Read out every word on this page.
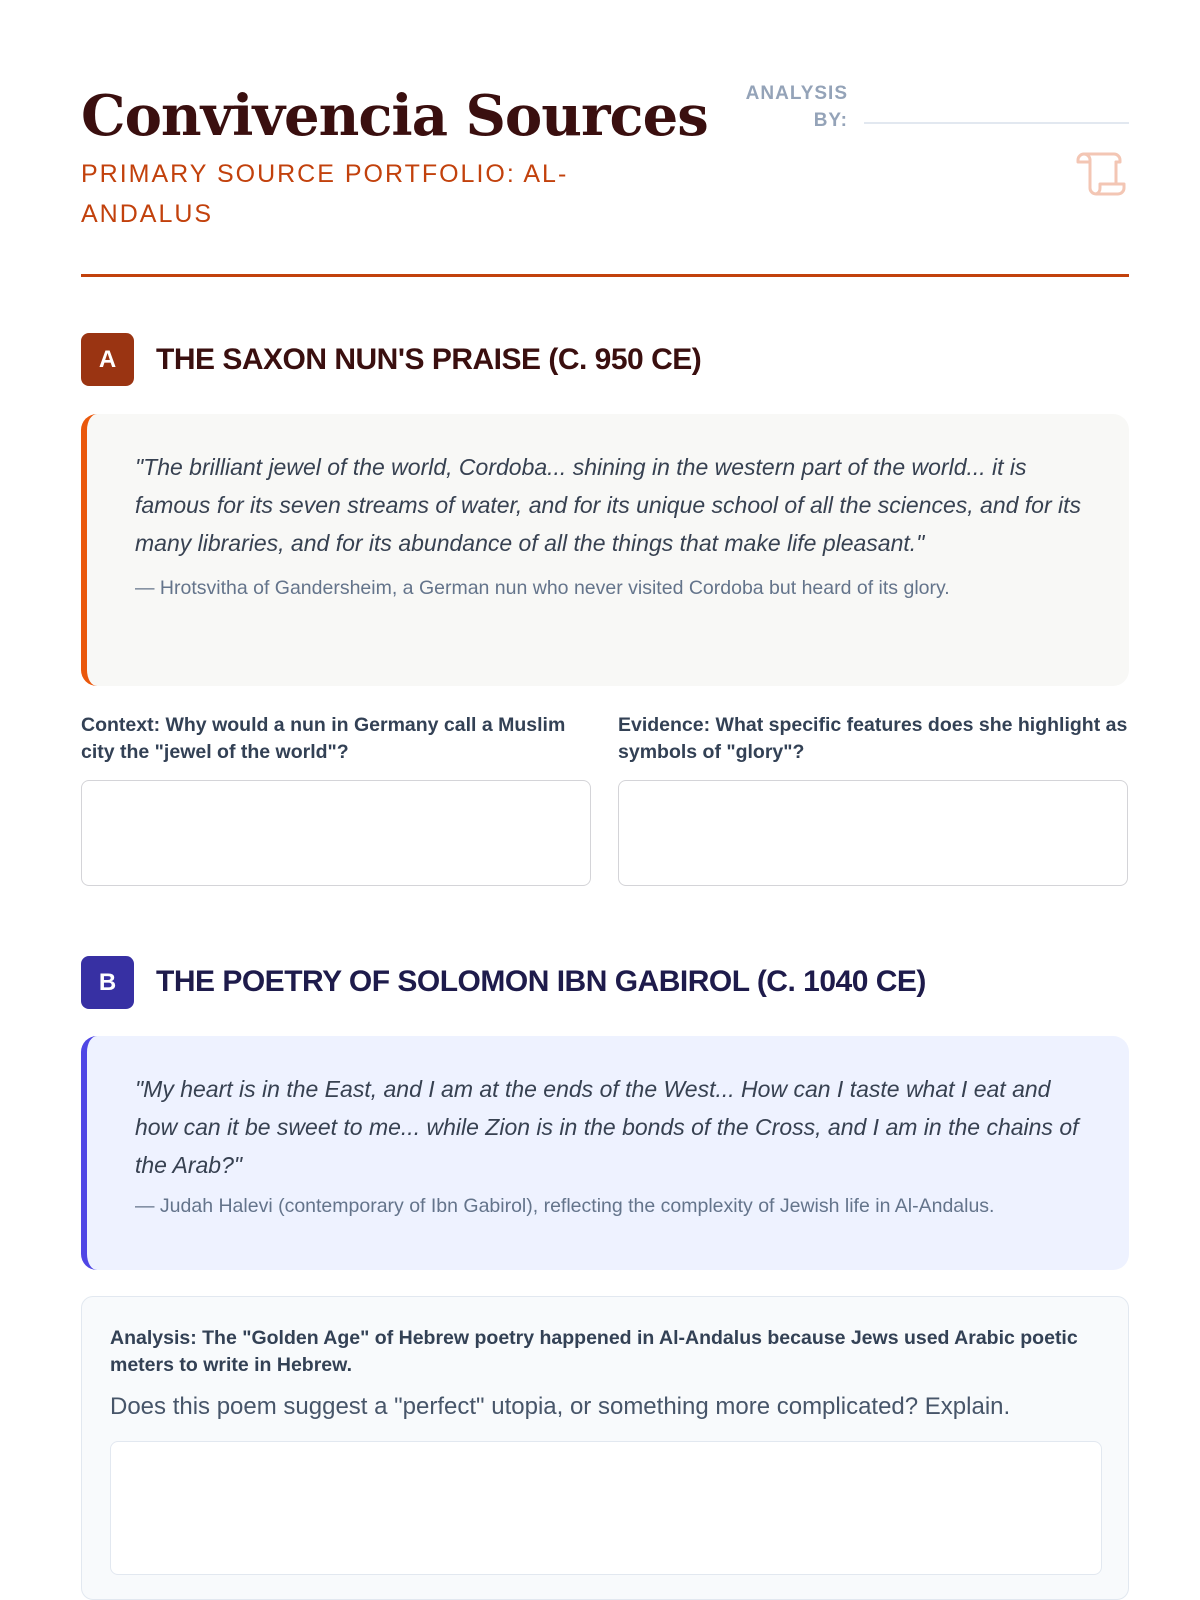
Convivencia Sources
PRIMARY SOURCE PORTFOLIO: AL-ANDALUS
ANALYSIS BY:
A	THE SAXON NUN'S PRAISE (C. 950 CE)

"The brilliant jewel of the world, Cordoba... shining in the western part of the world... it is famous for its seven streams of water, and for its unique school of all the sciences, and for its many libraries, and for its abundance of all the things that make life pleasant."

— Hrotsvitha of Gandersheim, a German nun who never visited Cordoba but heard of its glory.

Context: Why would a nun in Germany call a Muslim city the "jewel of the world"?
Evidence: What specific features does she highlight as symbols of "glory"?
B	THE POETRY OF SOLOMON IBN GABIROL (C. 1040 CE)

"My heart is in the East, and I am at the ends of the West... How can I taste what I eat and how can it be sweet to me... while Zion is in the bonds of the Cross, and I am in the chains of the Arab?"

— Judah Halevi (contemporary of Ibn Gabirol), reflecting the complexity of Jewish life in Al-Andalus.

Analysis: The "Golden Age" of Hebrew poetry happened in Al-Andalus because Jews used Arabic poetic meters to write in Hebrew.
Does this poem suggest a "perfect" utopia, or something more complicated? Explain.
